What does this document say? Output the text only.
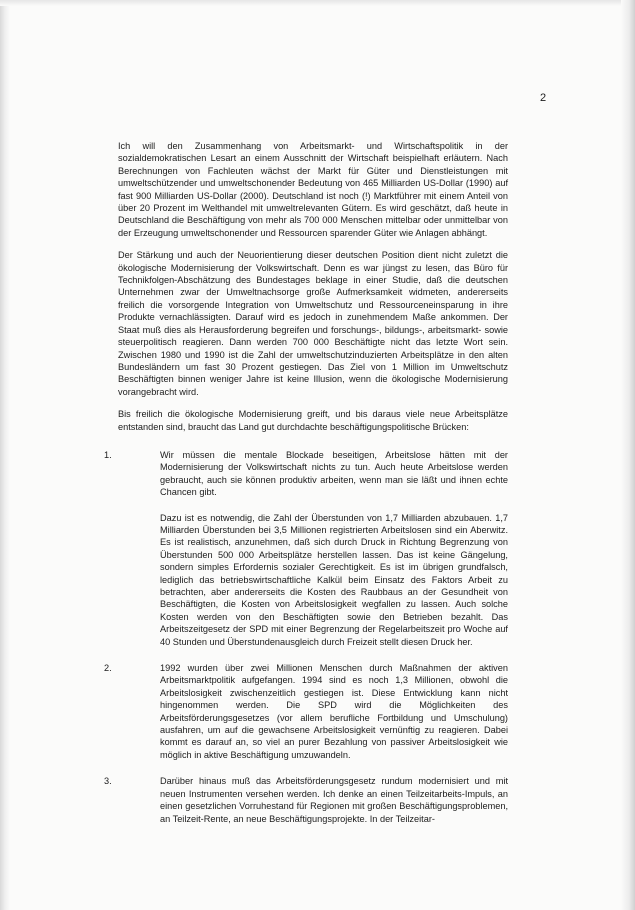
2

Ich will den Zusammenhang von Arbeitsmarkt- und Wirtschaftspolitik in der sozialdemokratischen Lesart an einem Ausschnitt der Wirtschaft beispielhaft erläutern. Nach Berechnungen von Fachleuten wächst der Markt für Güter und Dienstleistungen mit umweltschützender und umweltschonender Bedeutung von 465 Milliarden US-Dollar (1990) auf fast 900 Milliarden US-Dollar (2000). Deutschland ist noch (!) Marktführer mit einem Anteil von über 20 Prozent im Welthandel mit umweltrelevanten Gütern. Es wird geschätzt, daß heute in Deutschland die Beschäftigung von mehr als 700 000 Menschen mittelbar oder unmittelbar von der Erzeugung umweltschonender und Ressourcen sparender Güter wie Anlagen abhängt.

Der Stärkung und auch der Neuorientierung dieser deutschen Position dient nicht zuletzt die ökologische Modernisierung der Volkswirtschaft. Denn es war jüngst zu lesen, das Büro für Technikfolgen-Abschätzung des Bundestages beklage in einer Studie, daß die deutschen Unternehmen zwar der Umweltnachsorge große Aufmerksamkeit widmeten, andererseits freilich die vorsorgende Integration von Umweltschutz und Ressourceneinsparung in ihre Produkte vernachlässigten. Darauf wird es jedoch in zunehmendem Maße ankommen. Der Staat muß dies als Herausforderung begreifen und forschungs-, bildungs-, arbeitsmarkt- sowie steuerpolitisch reagieren. Dann werden 700 000 Beschäftigte nicht das letzte Wort sein. Zwischen 1980 und 1990 ist die Zahl der umweltschutzinduzierten Arbeitsplätze in den alten Bundesländern um fast 30 Prozent gestiegen. Das Ziel von 1 Million im Umweltschutz Beschäftigten binnen weniger Jahre ist keine Illusion, wenn die ökologische Modernisierung vorangebracht wird.

Bis freilich die ökologische Modernisierung greift, und bis daraus viele neue Arbeitsplätze entstanden sind, braucht das Land gut durchdachte beschäftigungspolitische Brücken:

1.	Wir müssen die mentale Blockade beseitigen, Arbeitslose hätten mit der Modernisierung der Volkswirtschaft nichts zu tun. Auch heute Arbeitslose werden gebraucht, auch sie können produktiv arbeiten, wenn man sie läßt und ihnen echte Chancen gibt.

Dazu ist es notwendig, die Zahl der Überstunden von 1,7 Milliarden abzubauen. 1,7 Milliarden Überstunden bei 3,5 Millionen registrierten Arbeitslosen sind ein Aberwitz. Es ist realistisch, anzunehmen, daß sich durch Druck in Richtung Begrenzung von Überstunden 500 000 Arbeitsplätze herstellen lassen. Das ist keine Gängelung, sondern simples Erfordernis sozialer Gerechtigkeit. Es ist im übrigen grundfalsch, lediglich das betriebswirtschaftliche Kalkül beim Einsatz des Faktors Arbeit zu betrachten, aber andererseits die Kosten des Raubbaus an der Gesundheit von Beschäftigten, die Kosten von Arbeitslosigkeit wegfallen zu lassen. Auch solche Kosten werden von den Beschäftigten sowie den Betrieben bezahlt. Das Arbeitszeitgesetz der SPD mit einer Begrenzung der Regelarbeitszeit pro Woche auf 40 Stunden und Überstundenausgleich durch Freizeit stellt diesen Druck her.

2.	1992 wurden über zwei Millionen Menschen durch Maßnahmen der aktiven Arbeitsmarktpolitik aufgefangen. 1994 sind es noch 1,3 Millionen, obwohl die Arbeitslosigkeit zwischenzeitlich gestiegen ist. Diese Entwicklung kann nicht hingenommen werden. Die SPD wird die Möglichkeiten des Arbeitsförderungsgesetzes (vor allem berufliche Fortbildung und Umschulung) ausfahren, um auf die gewachsene Arbeitslosigkeit vernünftig zu reagieren. Dabei kommt es darauf an, so viel an purer Bezahlung von passiver Arbeitslosigkeit wie möglich in aktive Beschäftigung umzuwandeln.

3.	Darüber hinaus muß das Arbeitsförderungsgesetz rundum modernisiert und mit neuen Instrumenten versehen werden. Ich denke an einen Teilzeitarbeits-Impuls, an einen gesetzlichen Vorruhestand für Regionen mit großen Beschäftigungsproblemen, an Teilzeit-Rente, an neue Beschäftigungsprojekte. In der Teilzeitar-
